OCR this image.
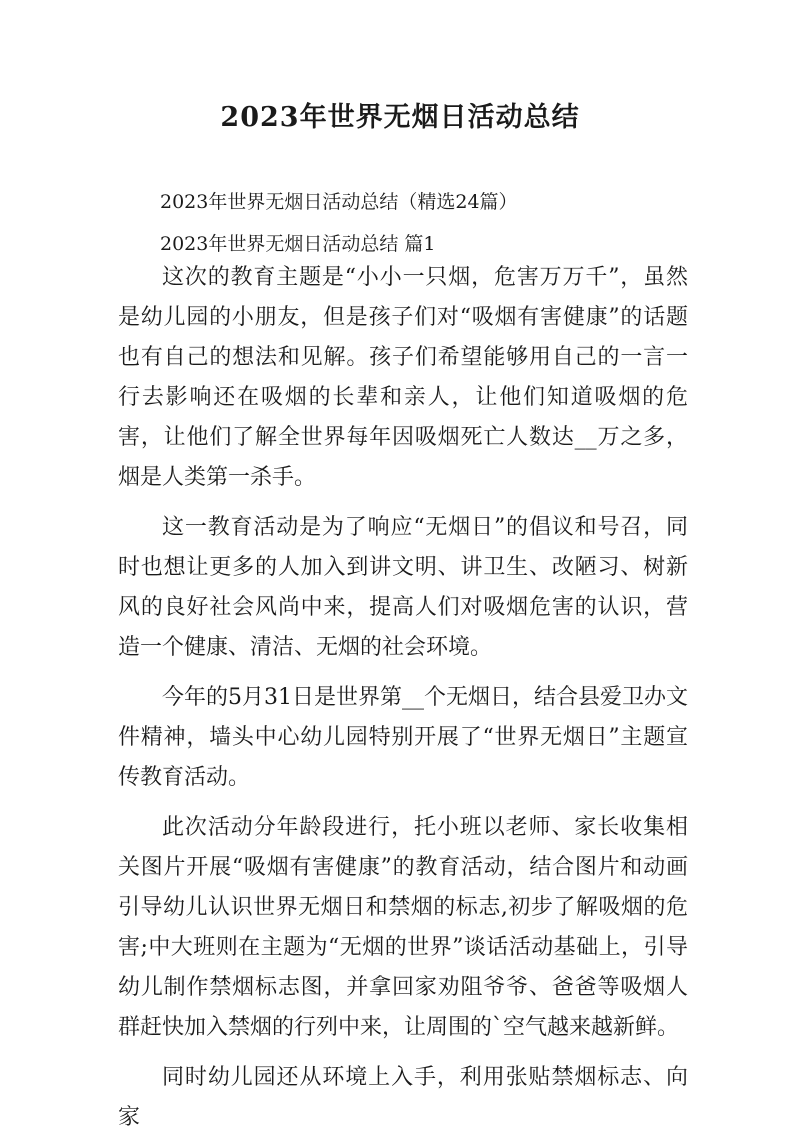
2023年世界无烟日活动总结
2023年世界无烟日活动总结（精选24篇）
2023年世界无烟日活动总结 篇1

这次的教育主题是“小小一只烟，危害万万千”，虽然是幼儿园的小朋友，但是孩子们对“吸烟有害健康”的话题也有自己的想法和见解。孩子们希望能够用自己的一言一行去影响还在吸烟的长辈和亲人，让他们知道吸烟的危害，让他们了解全世界每年因吸烟死亡人数达__万之多，烟是人类第一杀手。

这一教育活动是为了响应“无烟日”的倡议和号召，同时也想让更多的人加入到讲文明、讲卫生、改陋习、树新风的良好社会风尚中来，提高人们对吸烟危害的认识，营造一个健康、清洁、无烟的社会环境。

今年的5月31日是世界第__个无烟日，结合县爱卫办文件精神，墙头中心幼儿园特别开展了“世界无烟日”主题宣传教育活动。

此次活动分年龄段进行，托小班以老师、家长收集相关图片开展“吸烟有害健康”的教育活动，结合图片和动画引导幼儿认识世界无烟日和禁烟的标志,初步了解吸烟的危害;中大班则在主题为“无烟的世界”谈话活动基础上，引导幼儿制作禁烟标志图，并拿回家劝阻爷爷、爸爸等吸烟人群赶快加入禁烟的行列中来，让周围的`空气越来越新鲜。

同时幼儿园还从环境上入手，利用张贴禁烟标志、向家
